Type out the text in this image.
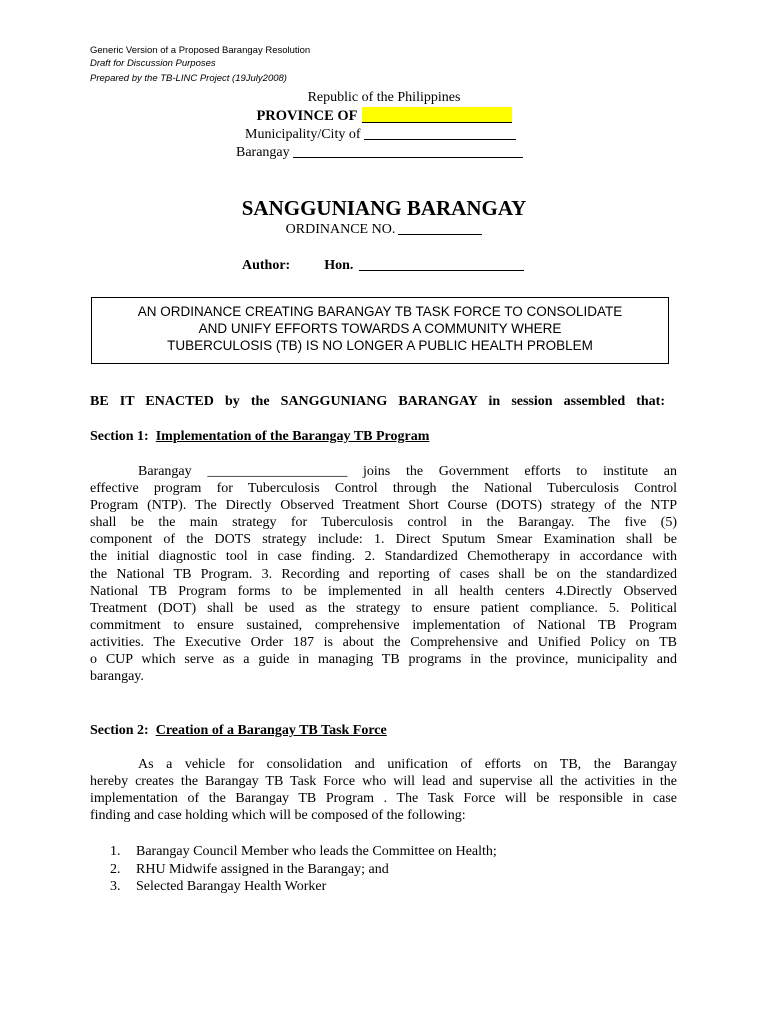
Generic Version of a Proposed Barangay Resolution
Draft for Discussion Purposes
Prepared by the TB-LINC Project (19July2008)
Republic of the Philippines
PROVINCE OF
Municipality/City of
Barangay
SANGGUNIANG BARANGAY
ORDINANCE NO.
Author: Hon.
AN ORDINANCE CREATING BARANGAY TB TASK FORCE TO CONSOLIDATE
AND UNIFY EFFORTS TOWARDS A COMMUNITY WHERE
TUBERCULOSIS (TB) IS NO LONGER A PUBLIC HEALTH PROBLEM
BE IT ENACTED by the SANGGUNIANG BARANGAY in session assembled that:
Section 1: Implementation of the Barangay TB Program
Barangay ____________________ joins the Government efforts to institute an
effective program for Tuberculosis Control through the National Tuberculosis Control
Program (NTP). The Directly Observed Treatment Short Course (DOTS) strategy of the NTP
shall be the main strategy for Tuberculosis control in the Barangay. The five (5)
component of the DOTS strategy include: 1. Direct Sputum Smear Examination shall be
the initial diagnostic tool in case finding. 2. Standardized Chemotherapy in accordance with
the National TB Program. 3. Recording and reporting of cases shall be on the standardized
National TB Program forms to be implemented in all health centers 4.Directly Observed
Treatment (DOT) shall be used as the strategy to ensure patient compliance. 5. Political
commitment to ensure sustained, comprehensive implementation of National TB Program
activities. The Executive Order 187 is about the Comprehensive and Unified Policy on TB
o CUP which serve as a guide in managing TB programs in the province, municipality and
barangay.
Section 2: Creation of a Barangay TB Task Force
As a vehicle for consolidation and unification of efforts on TB, the Barangay
hereby creates the Barangay TB Task Force who will lead and supervise all the activities in the
implementation of the Barangay TB Program . The Task Force will be responsible in case
finding and case holding which will be composed of the following:
1. Barangay Council Member who leads the Committee on Health;
2. RHU Midwife assigned in the Barangay; and
3. Selected Barangay Health Worker
